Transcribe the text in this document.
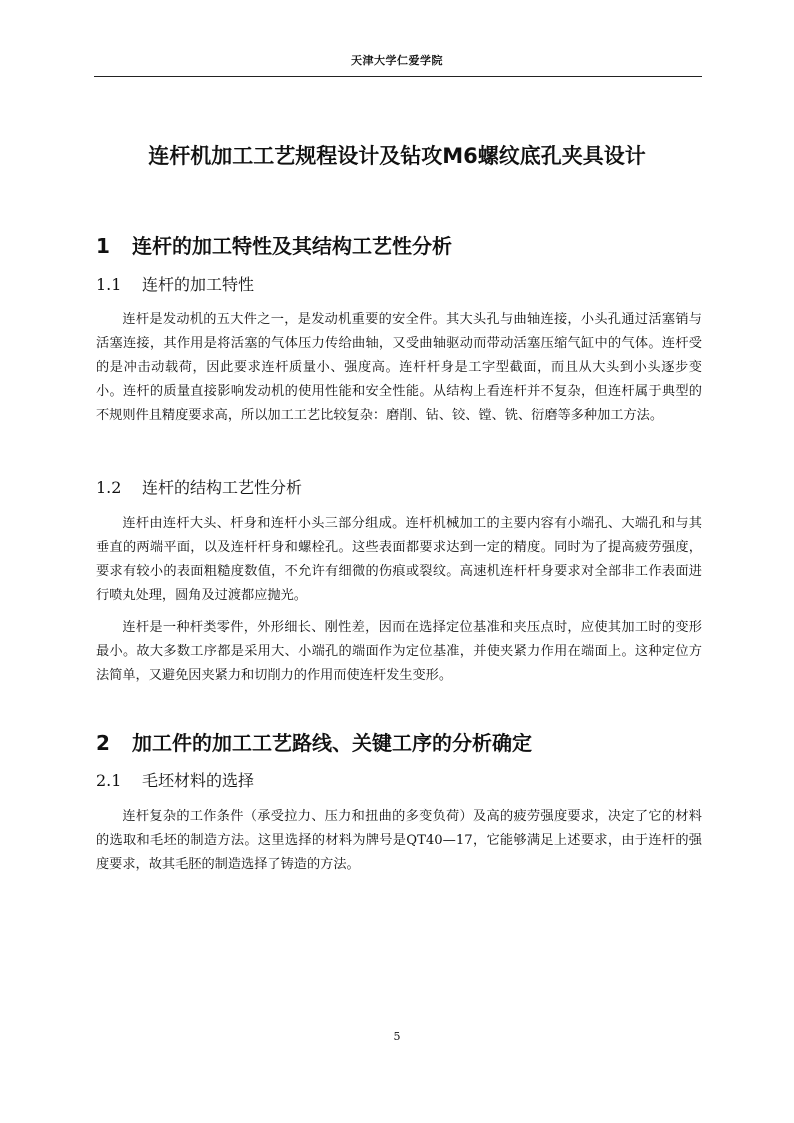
天津大学仁爱学院
连杆机加工工艺规程设计及钻攻M6螺纹底孔夹具设计
1 连杆的加工特性及其结构工艺性分析
1.1 连杆的加工特性

连杆是发动机的五大件之一，是发动机重要的安全件。其大头孔与曲轴连接，小头孔通过活塞销与活塞连接，其作用是将活塞的气体压力传给曲轴，又受曲轴驱动而带动活塞压缩气缸中的气体。连杆受的是冲击动载荷，因此要求连杆质量小、强度高。连杆杆身是工字型截面，而且从大头到小头逐步变小。连杆的质量直接影响发动机的使用性能和安全性能。从结构上看连杆并不复杂，但连杆属于典型的不规则件且精度要求高，所以加工工艺比较复杂：磨削、钻、铰、镗、铣、衍磨等多种加工方法。

1.2 连杆的结构工艺性分析

连杆由连杆大头、杆身和连杆小头三部分组成。连杆机械加工的主要内容有小端孔、大端孔和与其垂直的两端平面，以及连杆杆身和螺栓孔。这些表面都要求达到一定的精度。同时为了提高疲劳强度，要求有较小的表面粗糙度数值，不允许有细微的伤痕或裂纹。高速机连杆杆身要求对全部非工作表面进行喷丸处理，圆角及过渡都应抛光。

连杆是一种杆类零件，外形细长、刚性差，因而在选择定位基准和夹压点时，应使其加工时的变形最小。故大多数工序都是采用大、小端孔的端面作为定位基准，并使夹紧力作用在端面上。这种定位方法简单，又避免因夹紧力和切削力的作用而使连杆发生变形。

2 加工件的加工工艺路线、关键工序的分析确定
2.1 毛坯材料的选择

连杆复杂的工作条件（承受拉力、压力和扭曲的多变负荷）及高的疲劳强度要求，决定了它的材料的选取和毛坯的制造方法。这里选择的材料为牌号是QT40—17，它能够满足上述要求，由于连杆的强度要求，故其毛胚的制造选择了铸造的方法。

5
